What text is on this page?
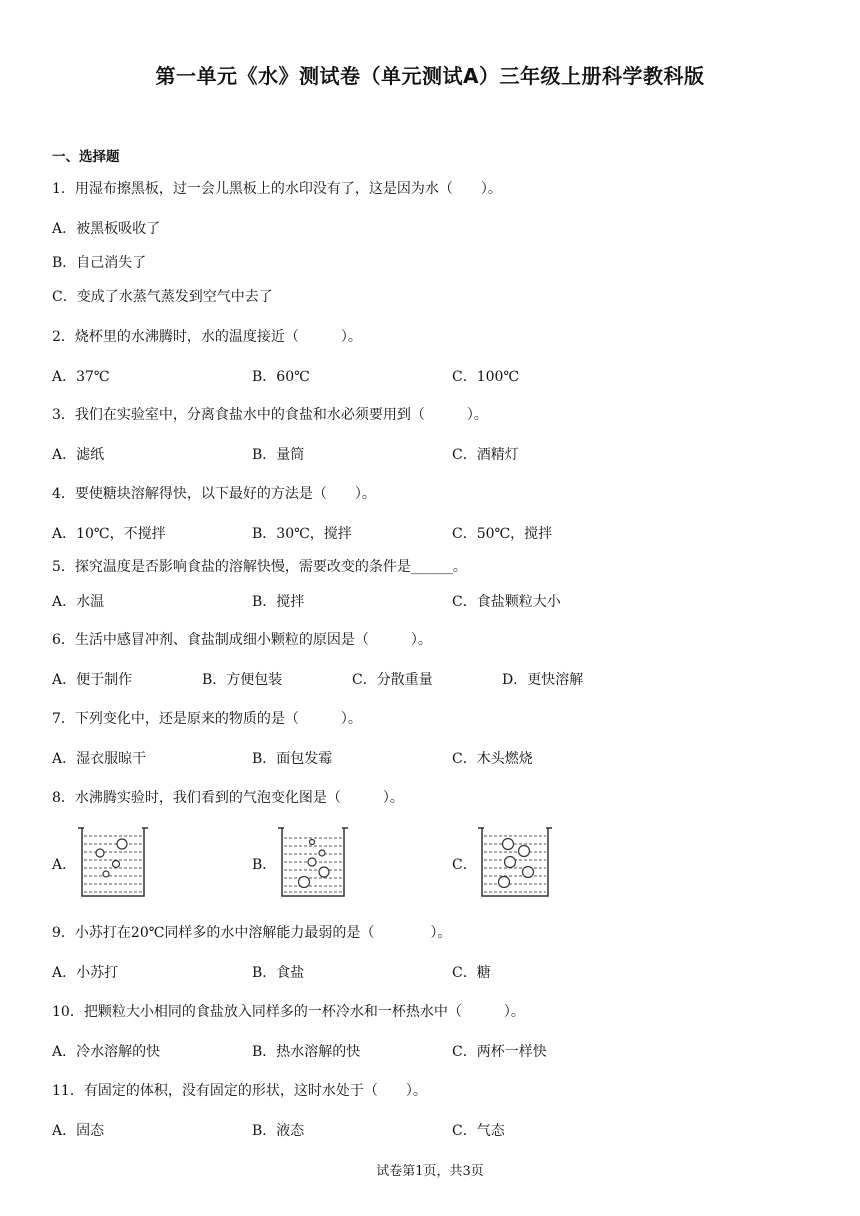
第一单元《水》测试卷（单元测试A）三年级上册科学教科版
一、选择题
1．用湿布擦黑板，过一会儿黑板上的水印没有了，这是因为水（　　）。
A．被黑板吸收了
B．自己消失了
C．变成了水蒸气蒸发到空气中去了
2．烧杯里的水沸腾时，水的温度接近（　　　）。
A．37℃	B．60℃	C．100℃
3．我们在实验室中，分离食盐水中的食盐和水必须要用到（　　　）。
A．滤纸	B．量筒	C．酒精灯
4．要使糖块溶解得快，以下最好的方法是（　　）。
A．10℃，不搅拌	B．30℃，搅拌	C．50℃，搅拌
5．探究温度是否影响食盐的溶解快慢，需要改变的条件是______。
A．水温	B．搅拌	C．食盐颗粒大小
6．生活中感冒冲剂、食盐制成细小颗粒的原因是（　　　）。
A．便于制作	B．方便包装	C．分散重量	D．更快溶解
7．下列变化中，还是原来的物质的是（　　　）。
A．湿衣服晾干	B．面包发霉	C．木头燃烧
8．水沸腾实验时，我们看到的气泡变化图是（　　　）。
A．	B．	C．
9．小苏打在20℃同样多的水中溶解能力最弱的是（　　　　）。
A．小苏打	B．食盐	C．糖
10．把颗粒大小相同的食盐放入同样多的一杯冷水和一杯热水中（　　　）。
A．冷水溶解的快	B．热水溶解的快	C．两杯一样快
11．有固定的体积，没有固定的形状，这时水处于（　　）。
A．固态	B．液态	C．气态
试卷第1页，共3页
